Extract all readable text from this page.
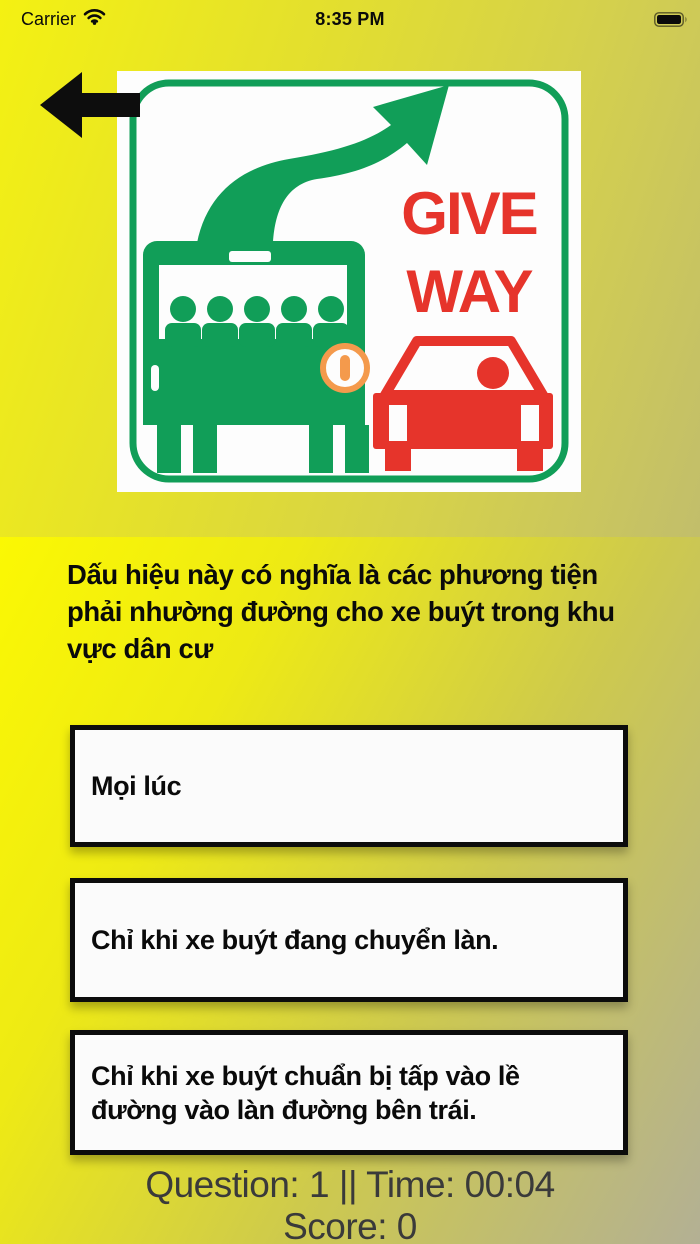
Carrier	8:35 PM
GIVE
WAY
Dấu hiệu này có nghĩa là các phương tiện phải nhường đường cho xe buýt trong khu vực dân cư
Mọi lúc
Chỉ khi xe buýt đang chuyển làn.
Chỉ khi xe buýt chuẩn bị tấp vào lề đường vào làn đường bên trái.
Question: 1 || Time: 00:04
Score: 0
